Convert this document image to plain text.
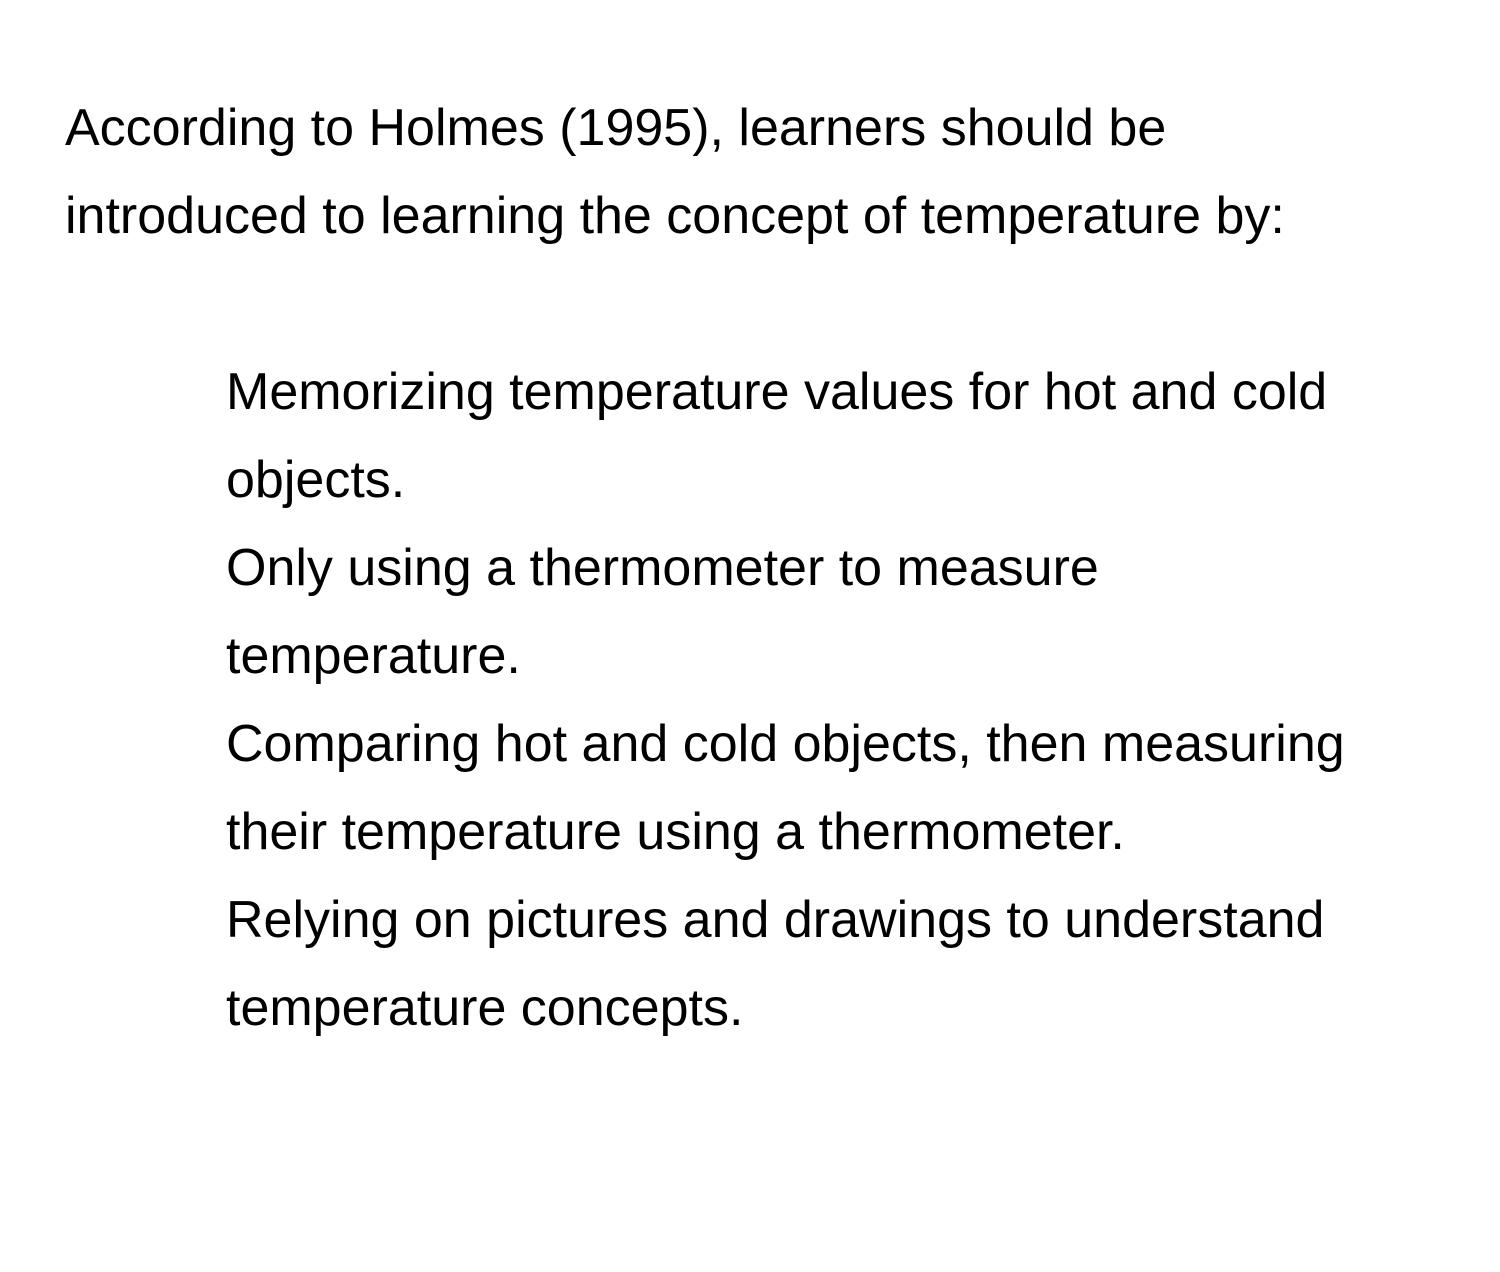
According to Holmes (1995), learners should be introduced to learning the concept of temperature by:

Memorizing temperature values for hot and cold objects.
Only using a thermometer to measure temperature.
Comparing hot and cold objects, then measuring their temperature using a thermometer.
Relying on pictures and drawings to understand temperature concepts.
